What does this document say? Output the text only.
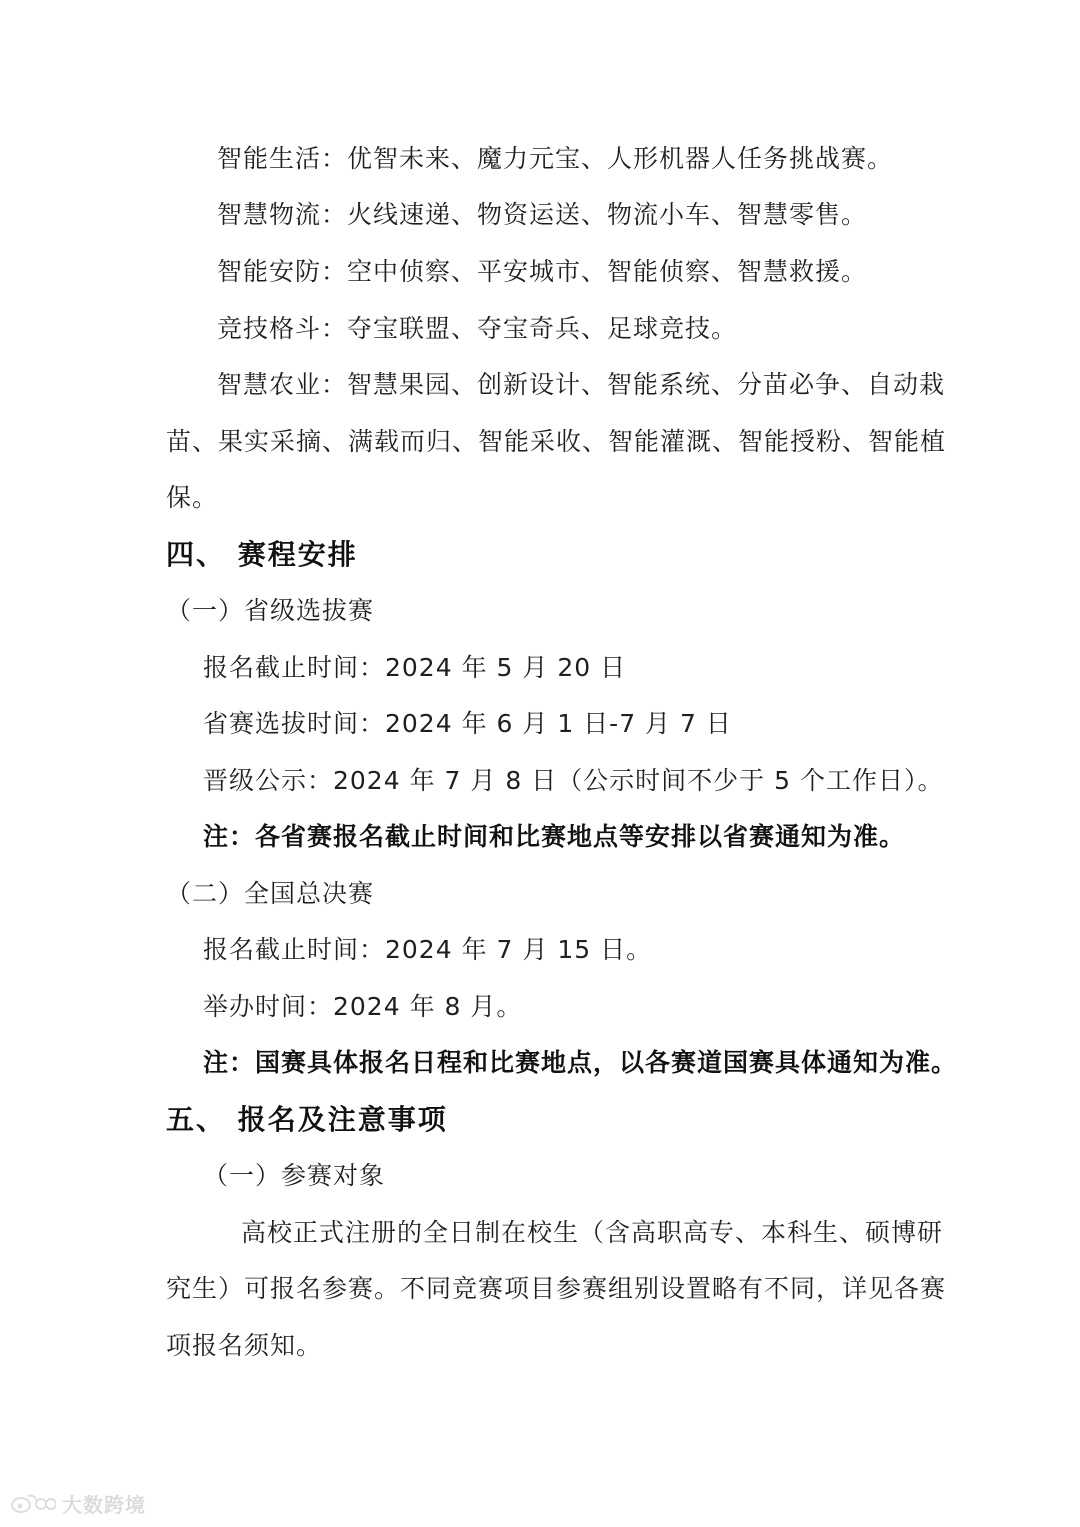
智能生活：优智未来、魔力元宝、人形机器人任务挑战赛。
智慧物流：火线速递、物资运送、物流小车、智慧零售。
智能安防：空中侦察、平安城市、智能侦察、智慧救援。
竞技格斗：夺宝联盟、夺宝奇兵、足球竞技。
智慧农业：智慧果园、创新设计、智能系统、分苗必争、自动栽
苗、果实采摘、满载而归、智能采收、智能灌溉、智能授粉、智能植
保。
四、 赛程安排
（一）省级选拔赛
报名截止时间：2024 年 5 月 20 日
省赛选拔时间：2024 年 6 月 1 日-7 月 7 日
晋级公示：2024 年 7 月 8 日（公示时间不少于 5 个工作日）。
注：各省赛报名截止时间和比赛地点等安排以省赛通知为准。
（二）全国总决赛
报名截止时间：2024 年 7 月 15 日。
举办时间：2024 年 8 月。
注：国赛具体报名日程和比赛地点，以各赛道国赛具体通知为准。
五、 报名及注意事项
（一）参赛对象
高校正式注册的全日制在校生（含高职高专、本科生、硕博研
究生）可报名参赛。不同竞赛项目参赛组别设置略有不同，详见各赛
项报名须知。
大数跨境
